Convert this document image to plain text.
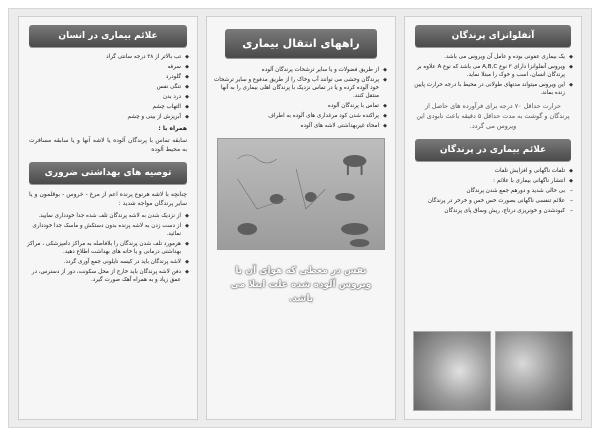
علائم بیماری در انسان
◆ تب بالاتر از ۳۸ درجه سانتی گراد
◆ سرفه
◆ گلودرد
◆ تنگی نفس
◆ درد بدن
◆ التهاب چشم
◆ آبریزش از بینی و چشم
همراه با :
سابقه تماس با پرندگان آلوده یا لاشه آنها و یا سابقه مسافرت به محیط آلوده
توصیه های بهداشتی ضروری
چنانچه با لاشه هرنوع پرنده اعم از مرغ - خروس - بوقلمون و یا سایر پرندگان مواجه شدید :
◆ از نزدیک شدن به لاشه پرندگان تلف شده جدا خودداری نمایید.
◆ از دست زدن به لاشه پرنده بدون دستکش و ماسک جدا خودداری نمائید.
◆ هرمورد تلف شدن پرندگان را بلافاصله به مراکز دامپزشکی ، مراکز بهداشتی درمانی و یا خانه های بهداشت اطلاع دهید.
◆ لاشه پرندگان باید در کیسه نایلونی جمع آوری گردد.
◆ دفن لاشه پرندگان باید خارج از محل سکونت، دور از دسترس، در عمق زیاد و به همراه آهک صورت گیرد.
راههای انتقال بیماری
◆ از طریق فضولات و یا سایر ترشحات پرندگان آلوده
◆ پرندگان وحشی می توانند آب وخاک را از طریق مدفوع و سایر ترشحات خود آلوده کرده و یا در تماس نزدیک با پرندگان اهلی بیماری را به آنها منتقل کنند.
◆ تماس با پرندگان آلوده
◆ پراکنده شدن کود مرغداری های آلوده به اطراف
◆ امحاء غیربهداشتی لاشه های آلوده
نفس در معطی که هوای آن با ویروس آلوده شده علت ابتلا می باشد.
آنفلوانزای پرندگان
◆ یک بیماری عفونی بوده و عامل آن ویروس می باشد.
◆ ویروس آنفلوانزا دارای ۳ نوع A,B,C می باشد که نوع A علاوه بر پرندگان انسان، اسب و خوک را مبتلا نماید.
◆ این ویروس میتواند مدتهای طولانی در محیط با درجه حرارت پایین زنده بماند.
حرارت حداقل ۷۰ درجه برای فرآورده های حاصل از پرندگان و گوشت به مدت حداقل ۵ دقیقه باعث نابودی این ویروس می گردد.
علائم بیماری در پرندگان
◆ تلفات ناگهانی و افزایش تلفات
◆ انتشار ناگهانی بیماری با علائم :
– بی حالی شدید و دورهم جمع شدن پرندگان
– علائم تنفسی ناگهانی بصورت خس خس و خرخر در پرندگان
– کبودشدن و خونریزی درتاج، ریش وساق پای پرندگان
